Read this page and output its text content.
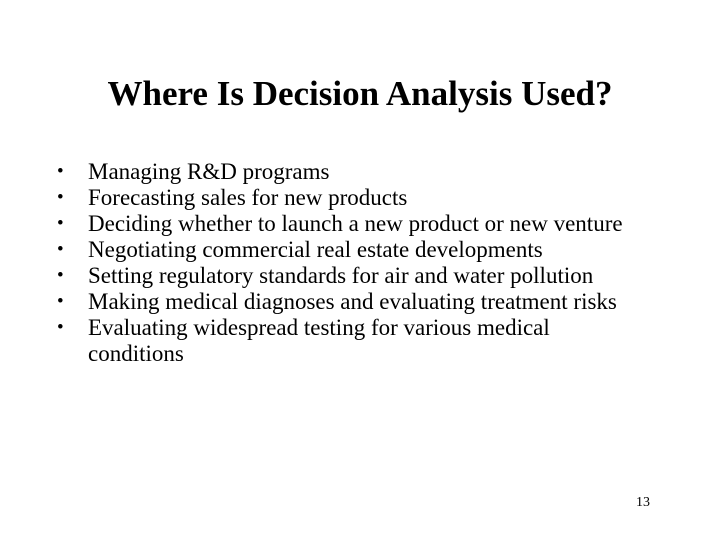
Where Is Decision Analysis Used?
• Managing R&D programs
• Forecasting sales for new products
• Deciding whether to launch a new product or new venture
• Negotiating commercial real estate developments
• Setting regulatory standards for air and water pollution
• Making medical diagnoses and evaluating treatment risks
• Evaluating widespread testing for various medical conditions
13
